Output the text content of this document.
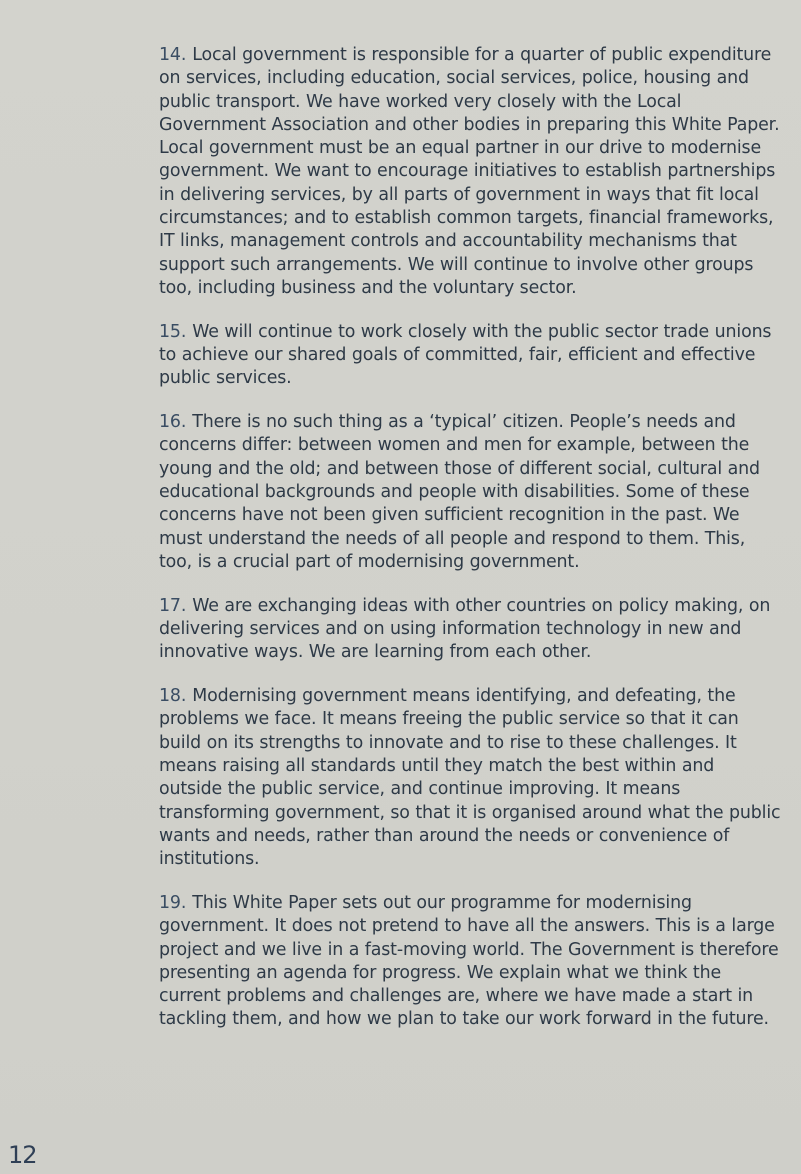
14. Local government is responsible for a quarter of public expenditure on services, including education, social services, police, housing and public transport. We have worked very closely with the Local Government Association and other bodies in preparing this White Paper. Local government must be an equal partner in our drive to modernise government. We want to encourage initiatives to establish partnerships in delivering services, by all parts of government in ways that fit local circumstances; and to establish common targets, financial frameworks, IT links, management controls and accountability mechanisms that support such arrangements. We will continue to involve other groups too, including business and the voluntary sector.

15. We will continue to work closely with the public sector trade unions to achieve our shared goals of committed, fair, efficient and effective public services.

16. There is no such thing as a ‘typical’ citizen. People’s needs and concerns differ: between women and men for example, between the young and the old; and between those of different social, cultural and educational backgrounds and people with disabilities. Some of these concerns have not been given sufficient recognition in the past. We must understand the needs of all people and respond to them. This, too, is a crucial part of modernising government.

17. We are exchanging ideas with other countries on policy making, on delivering services and on using information technology in new and innovative ways. We are learning from each other.

18. Modernising government means identifying, and defeating, the problems we face. It means freeing the public service so that it can build on its strengths to innovate and to rise to these challenges. It means raising all standards until they match the best within and outside the public service, and continue improving. It means transforming government, so that it is organised around what the public wants and needs, rather than around the needs or convenience of institutions.

19. This White Paper sets out our programme for modernising government. It does not pretend to have all the answers. This is a large project and we live in a fast-moving world. The Government is therefore presenting an agenda for progress. We explain what we think the current problems and challenges are, where we have made a start in tackling them, and how we plan to take our work forward in the future.

12
